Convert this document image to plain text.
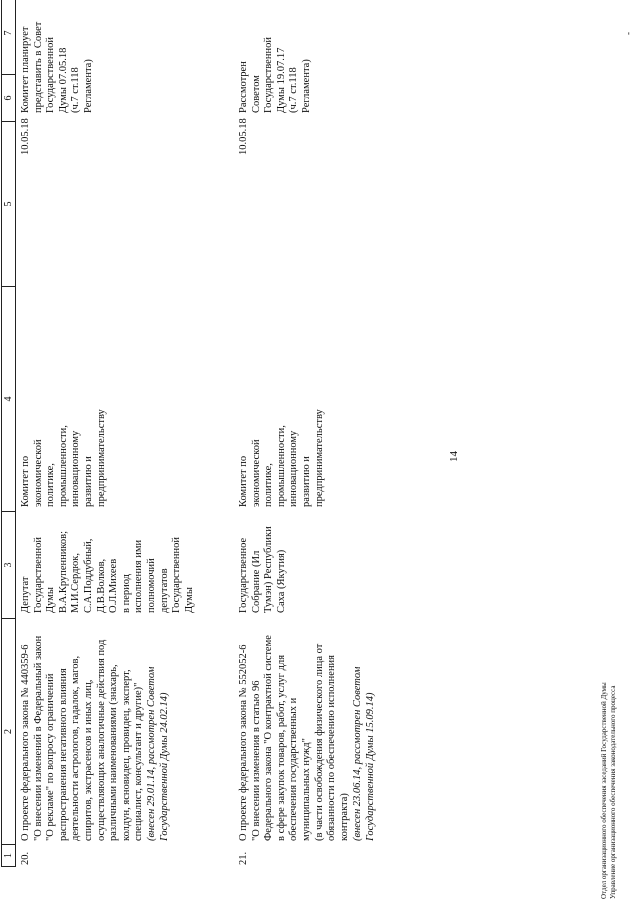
14
1
2
3
4
5
6
7
20.
О проекте федерального закона № 440359-6
"О внесении изменений в Федеральный закон
"О рекламе" по вопросу ограничений
распространения негативного влияния
деятельности астрологов, гадалок, магов,
спиритов, экстрасенсов и иных лиц,
осуществляющих аналогичные действия под
различными наименованиями (знахарь,
колдун, ясновидец, провидец, эксперт,
специалист, консультант и другие)"
(внесен 29.01.14, рассмотрен Советом
Государственной Думы 24.02.14)
Депутат
Государственной
Думы
В.А.Крупенников;
М.И.Сердюк,
С.А.Поддубный,
Д.В.Волков,
О.Л.Михеев
в период
исполнения ими
полномочий
депутатов
Государственной
Думы
Комитет по
экономической
политике,
промышленности,
инновационному
развитию и
предпринимательству
10.05.18
Комитет планирует
представить в Совет
Государственной
Думы 07.05.18
(ч.7 ст.118
Регламента)
21.
О проекте федерального закона № 552052-6
"О внесении изменения в статью 96
Федерального закона "О контрактной системе
в сфере закупок товаров, работ, услуг для
обеспечения государственных и
муниципальных нужд"
(в части освобождения физического лица от
обязанности по обеспечению исполнения
контракта) (внесен 23.06.14, рассмотрен Советом
Государственной Думы 15.09.14)
Государственное
Собрание (Ил
Тумэн) Республики
Саха (Якутия)
Комитет по
экономической
политике,
промышленности,
инновационному
развитию и
предпринимательству
10.05.18
Рассмотрен
Советом
Государственной
Думы 19.07.17
(ч.7 ст.118
Регламента)
Отдел организационного обеспечения заседаний Государственной Думы
Управление организационного обеспечения законодательного процесса
-
